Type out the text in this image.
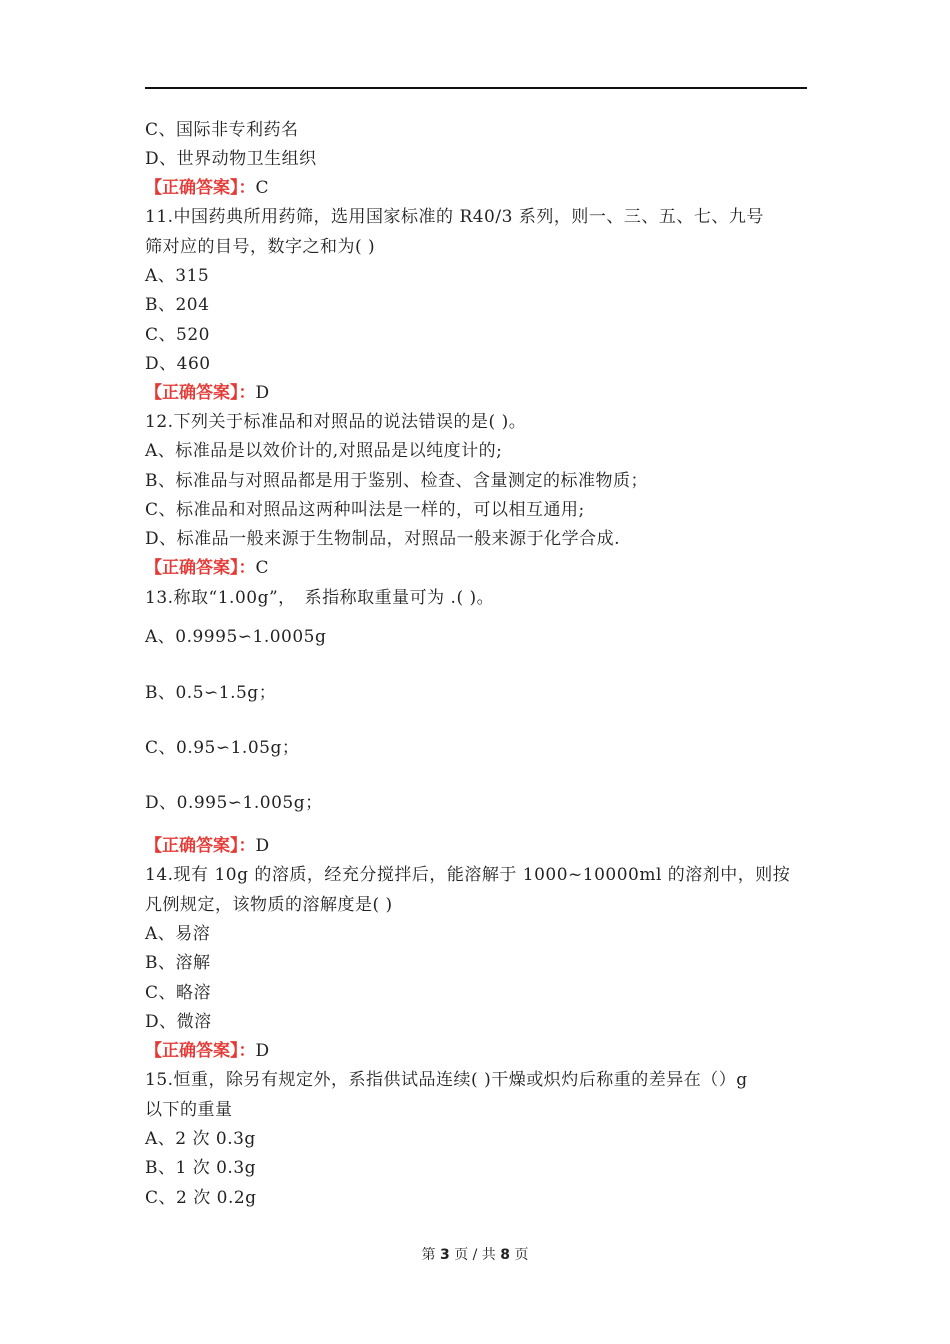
C、国际非专利药名
D、世界动物卫生组织
【正确答案】：C
11.中国药典所用药筛，选用国家标准的 R40/3 系列，则一、三、五、七、九号
筛对应的目号，数字之和为( )
A、315
B、204
C、520
D、460
【正确答案】：D
12.下列关于标准品和对照品的说法错误的是( )。
A、标准品是以效价计的,对照品是以纯度计的;
B、标准品与对照品都是用于鉴别、检查、含量测定的标准物质；
C、标准品和对照品这两种叫法是一样的，可以相互通用;
D、标准品一般来源于生物制品，对照品一般来源于化学合成.
【正确答案】：C
13.称取“1.00g”，　系指称取重量可为 .( )。
A、0.9995∽1.0005g
B、0.5∽1.5g；
C、0.95∽1.05g；
D、0.995∽1.005g；
【正确答案】：D
14.现有 10g 的溶质，经充分搅拌后，能溶解于 1000~10000ml 的溶剂中，则按
凡例规定，该物质的溶解度是( )
A、易溶
B、溶解
C、略溶
D、微溶
【正确答案】：D
15.恒重，除另有规定外，系指供试品连续( )干燥或炽灼后称重的差异在（）g
以下的重量
A、2 次 0.3g
B、1 次 0.3g
C、2 次 0.2g
第 3 页 / 共 8 页
